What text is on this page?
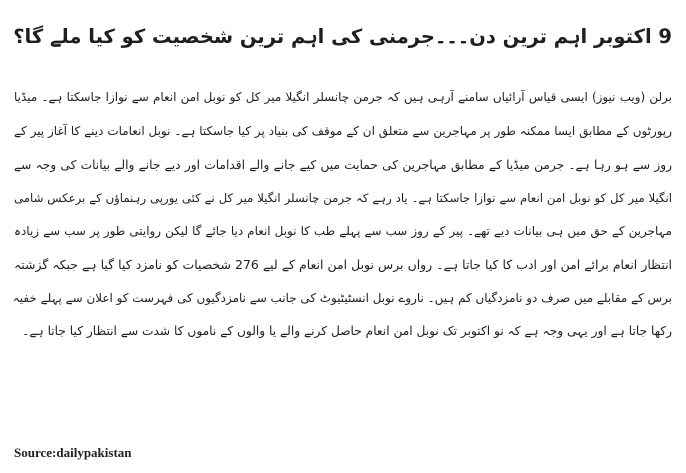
9 اکتوبر اہم ترین دن۔۔۔جرمنی کی اہم ترین شخصیت کو کیا ملے گا؟

برلن (ویب نیوز) ایسی قیاس آرائیاں سامنے آرہی ہیں کہ جرمن چانسلر انگیلا میر کل کو نوبل امن انعام سے نوازا جاسکتا ہے۔ میڈیا

رپورٹوں کے مطابق ایسا ممکنہ طور پر مہاجرین سے متعلق ان کے موقف کی بنیاد پر کیا جاسکتا ہے۔ نوبل انعامات دینے کا آغاز پیر کے

روز سے ہو رہا ہے۔ جرمن میڈیا کے مطابق مہاجرین کی حمایت میں کیے جانے والے اقدامات اور دیے جانے والے بیانات کی وجہ سے

انگیلا میر کل کو نوبل امن انعام سے نوازا جاسکتا ہے۔ یاد رہے کہ جرمن چانسلر انگیلا میر کل نے کئی یورپی رہنماؤں کے برعکس شامی

مہاجرین کے حق میں ہی بیانات دیے تھے۔ پیر کے روز سب سے پہلے طب کا نوبل انعام دیا جائے گا لیکن روایتی طور پر سب سے زیادہ

انتظار انعام برائے امن اور ادب کا کیا جاتا ہے۔ رواں برس نوبل امن انعام کے لیے 276 شخصیات کو نامزد کیا گیا ہے جبکہ گزشتہ

برس کے مقابلے میں صرف دو نامزدگیاں کم ہیں۔ ناروے نوبل انسٹیٹیوٹ کی جانب سے نامزدگیوں کی فہرست کو اعلان سے پہلے خفیہ

رکھا جاتا ہے اور یہی وجہ ہے کہ نو اکتوبر تک نوبل امن انعام حاصل کرنے والے یا والوں کے ناموں کا شدت سے انتظار کیا جاتا ہے۔

Source:dailypakistan
